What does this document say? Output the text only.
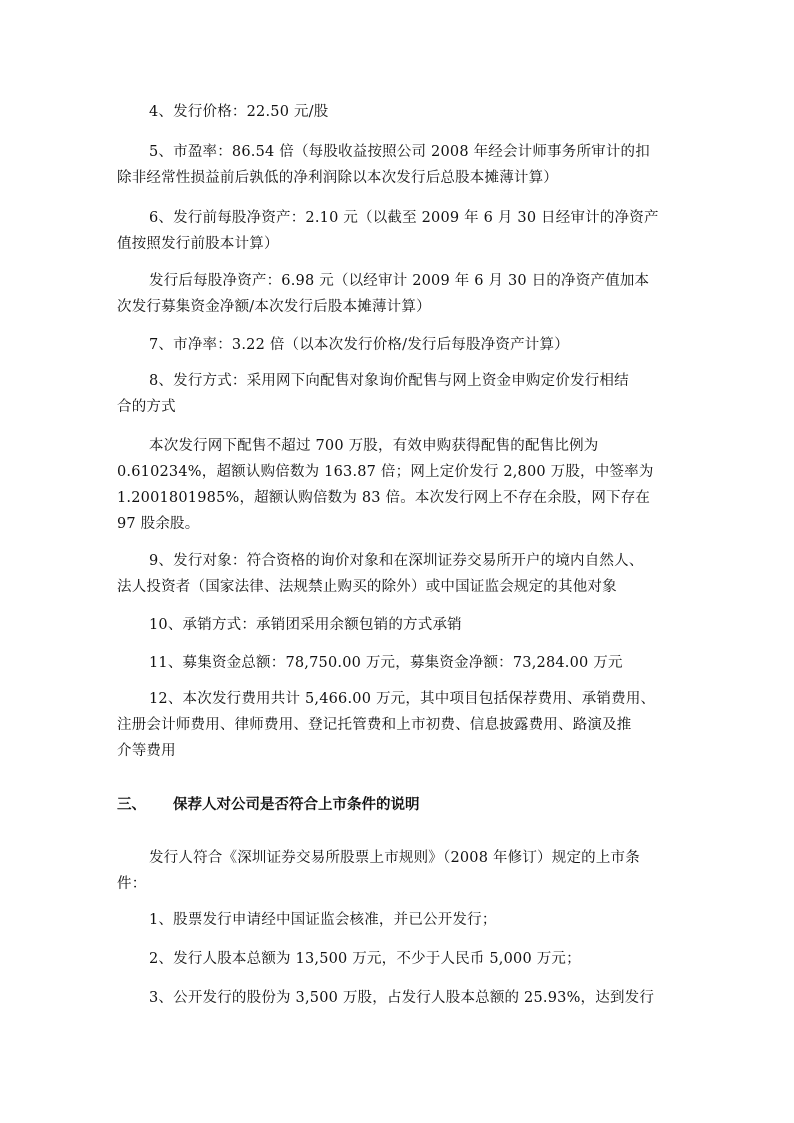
4、发行价格：22.50 元/股
5、市盈率：86.54 倍（每股收益按照公司 2008 年经会计师事务所审计的扣
除非经常性损益前后孰低的净利润除以本次发行后总股本摊薄计算）
6、发行前每股净资产：2.10 元（以截至 2009 年 6 月 30 日经审计的净资产
值按照发行前股本计算）
发行后每股净资产：6.98 元（以经审计 2009 年 6 月 30 日的净资产值加本
次发行募集资金净额/本次发行后股本摊薄计算）
7、市净率：3.22 倍（以本次发行价格/发行后每股净资产计算）
8、发行方式：采用网下向配售对象询价配售与网上资金申购定价发行相结
合的方式
本次发行网下配售不超过 700 万股，有效申购获得配售的配售比例为
0.610234%，超额认购倍数为 163.87 倍；网上定价发行 2,800 万股，中签率为
1.2001801985%，超额认购倍数为 83 倍。本次发行网上不存在余股，网下存在
97 股余股。
9、发行对象：符合资格的询价对象和在深圳证券交易所开户的境内自然人、
法人投资者（国家法律、法规禁止购买的除外）或中国证监会规定的其他对象
10、承销方式：承销团采用余额包销的方式承销
11、募集资金总额：78,750.00 万元，募集资金净额：73,284.00 万元
12、本次发行费用共计 5,466.00 万元，其中项目包括保荐费用、承销费用、
注册会计师费用、律师费用、登记托管费和上市初费、信息披露费用、路演及推
介等费用
三、 保荐人对公司是否符合上市条件的说明
发行人符合《深圳证券交易所股票上市规则》（2008 年修订）规定的上市条
件：
1、股票发行申请经中国证监会核准，并已公开发行；
2、发行人股本总额为 13,500 万元，不少于人民币 5,000 万元；
3、公开发行的股份为 3,500 万股，占发行人股本总额的 25.93%，达到发行
